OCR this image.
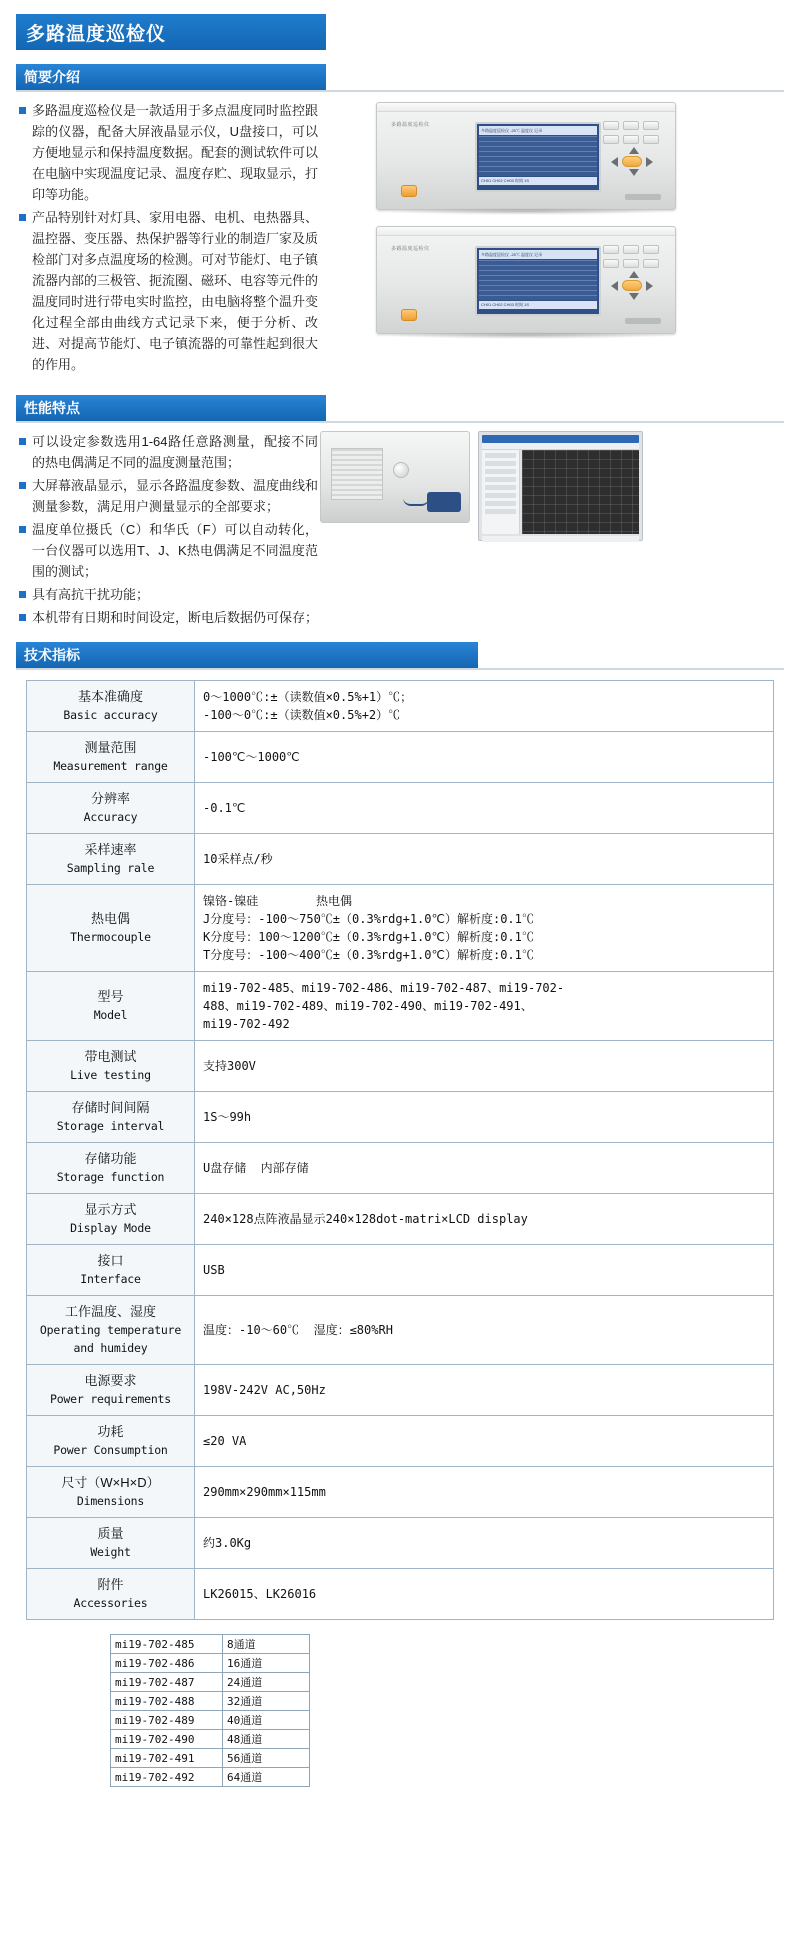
多路温度巡检仪
简要介绍
多路温度巡检仪是一款适用于多点温度同时监控跟踪的仪器，配备大屏液晶显示仪，U盘接口，可以方便地显示和保持温度数据。配套的测试软件可以在电脑中实现温度记录、温度存贮、现取显示，打印等功能。
产品特别针对灯具、家用电器、电机、电热器具、温控器、变压器、热保护器等行业的制造厂家及质检部门对多点温度场的检测。可对节能灯、电子镇流器内部的三极管、扼流圈、磁环、电容等元件的温度同时进行带电实时监控，由电脑将整个温升变化过程全部由曲线方式记录下来，便于分析、改进、对提高节能灯、电子镇流器的可靠性起到很大的作用。
多路温度巡检仪
多路温度巡检仪 -25℃ 温度仪 记录
CH01 CH02 CH03 时间 1S
多路温度巡检仪
多路温度巡检仪 -25℃ 温度仪 记录
CH01 CH02 CH03 时间 1S
性能特点
可以设定参数选用1-64路任意路测量，配接不同的热电偶满足不同的温度测量范围；
大屏幕液晶显示，显示各路温度参数、温度曲线和测量参数，满足用户测量显示的全部要求；
温度单位摄氏（C）和华氏（F）可以自动转化，一台仪器可以选用T、J、K热电偶满足不同温度范围的测试；
具有高抗干扰功能；
本机带有日期和时间设定，断电后数据仍可保存；
技术指标
基本准确度
Basic accuracy	0～1000℃:±（读数值×0.5%+1）℃；
-100～0℃:±（读数值×0.5%+2）℃

测量范围
Measurement range	-100℃～1000℃

分辨率
Accuracy	-0.1℃

采样速率
Sampling rale	10采样点/秒

热电偶
Thermocouple	镍铬-镍硅        热电偶
J分度号：-100～750℃±（0.3%rdg+1.0℃）解析度:0.1℃
K分度号：100～1200℃±（0.3%rdg+1.0℃）解析度:0.1℃
T分度号：-100～400℃±（0.3%rdg+1.0℃）解析度:0.1℃

型号
Model	mi19-702-485、mi19-702-486、mi19-702-487、mi19-702-
488、mi19-702-489、mi19-702-490、mi19-702-491、
mi19-702-492

带电测试
Live testing	支持300V

存储时间间隔
Storage interval	1S～99h

存储功能
Storage function	U盘存储  内部存储

显示方式
Display Mode	240×128点阵液晶显示240×128dot-matri×LCD display

接口
Interface	USB

工作温度、湿度
Operating temperature and humidey	温度：-10～60℃  湿度：≤80%RH

电源要求
Power requirements	198V-242V AC,50Hz

功耗
Power Consumption	≤20 VA

尺寸（W×H×D）
Dimensions	290mm×290mm×115mm

质量
Weight	约3.0Kg

附件
Accessories	LK26015、LK26016
mi19-702-485	8通道
mi19-702-486	16通道
mi19-702-487	24通道
mi19-702-488	32通道
mi19-702-489	40通道
mi19-702-490	48通道
mi19-702-491	56通道
mi19-702-492	64通道
